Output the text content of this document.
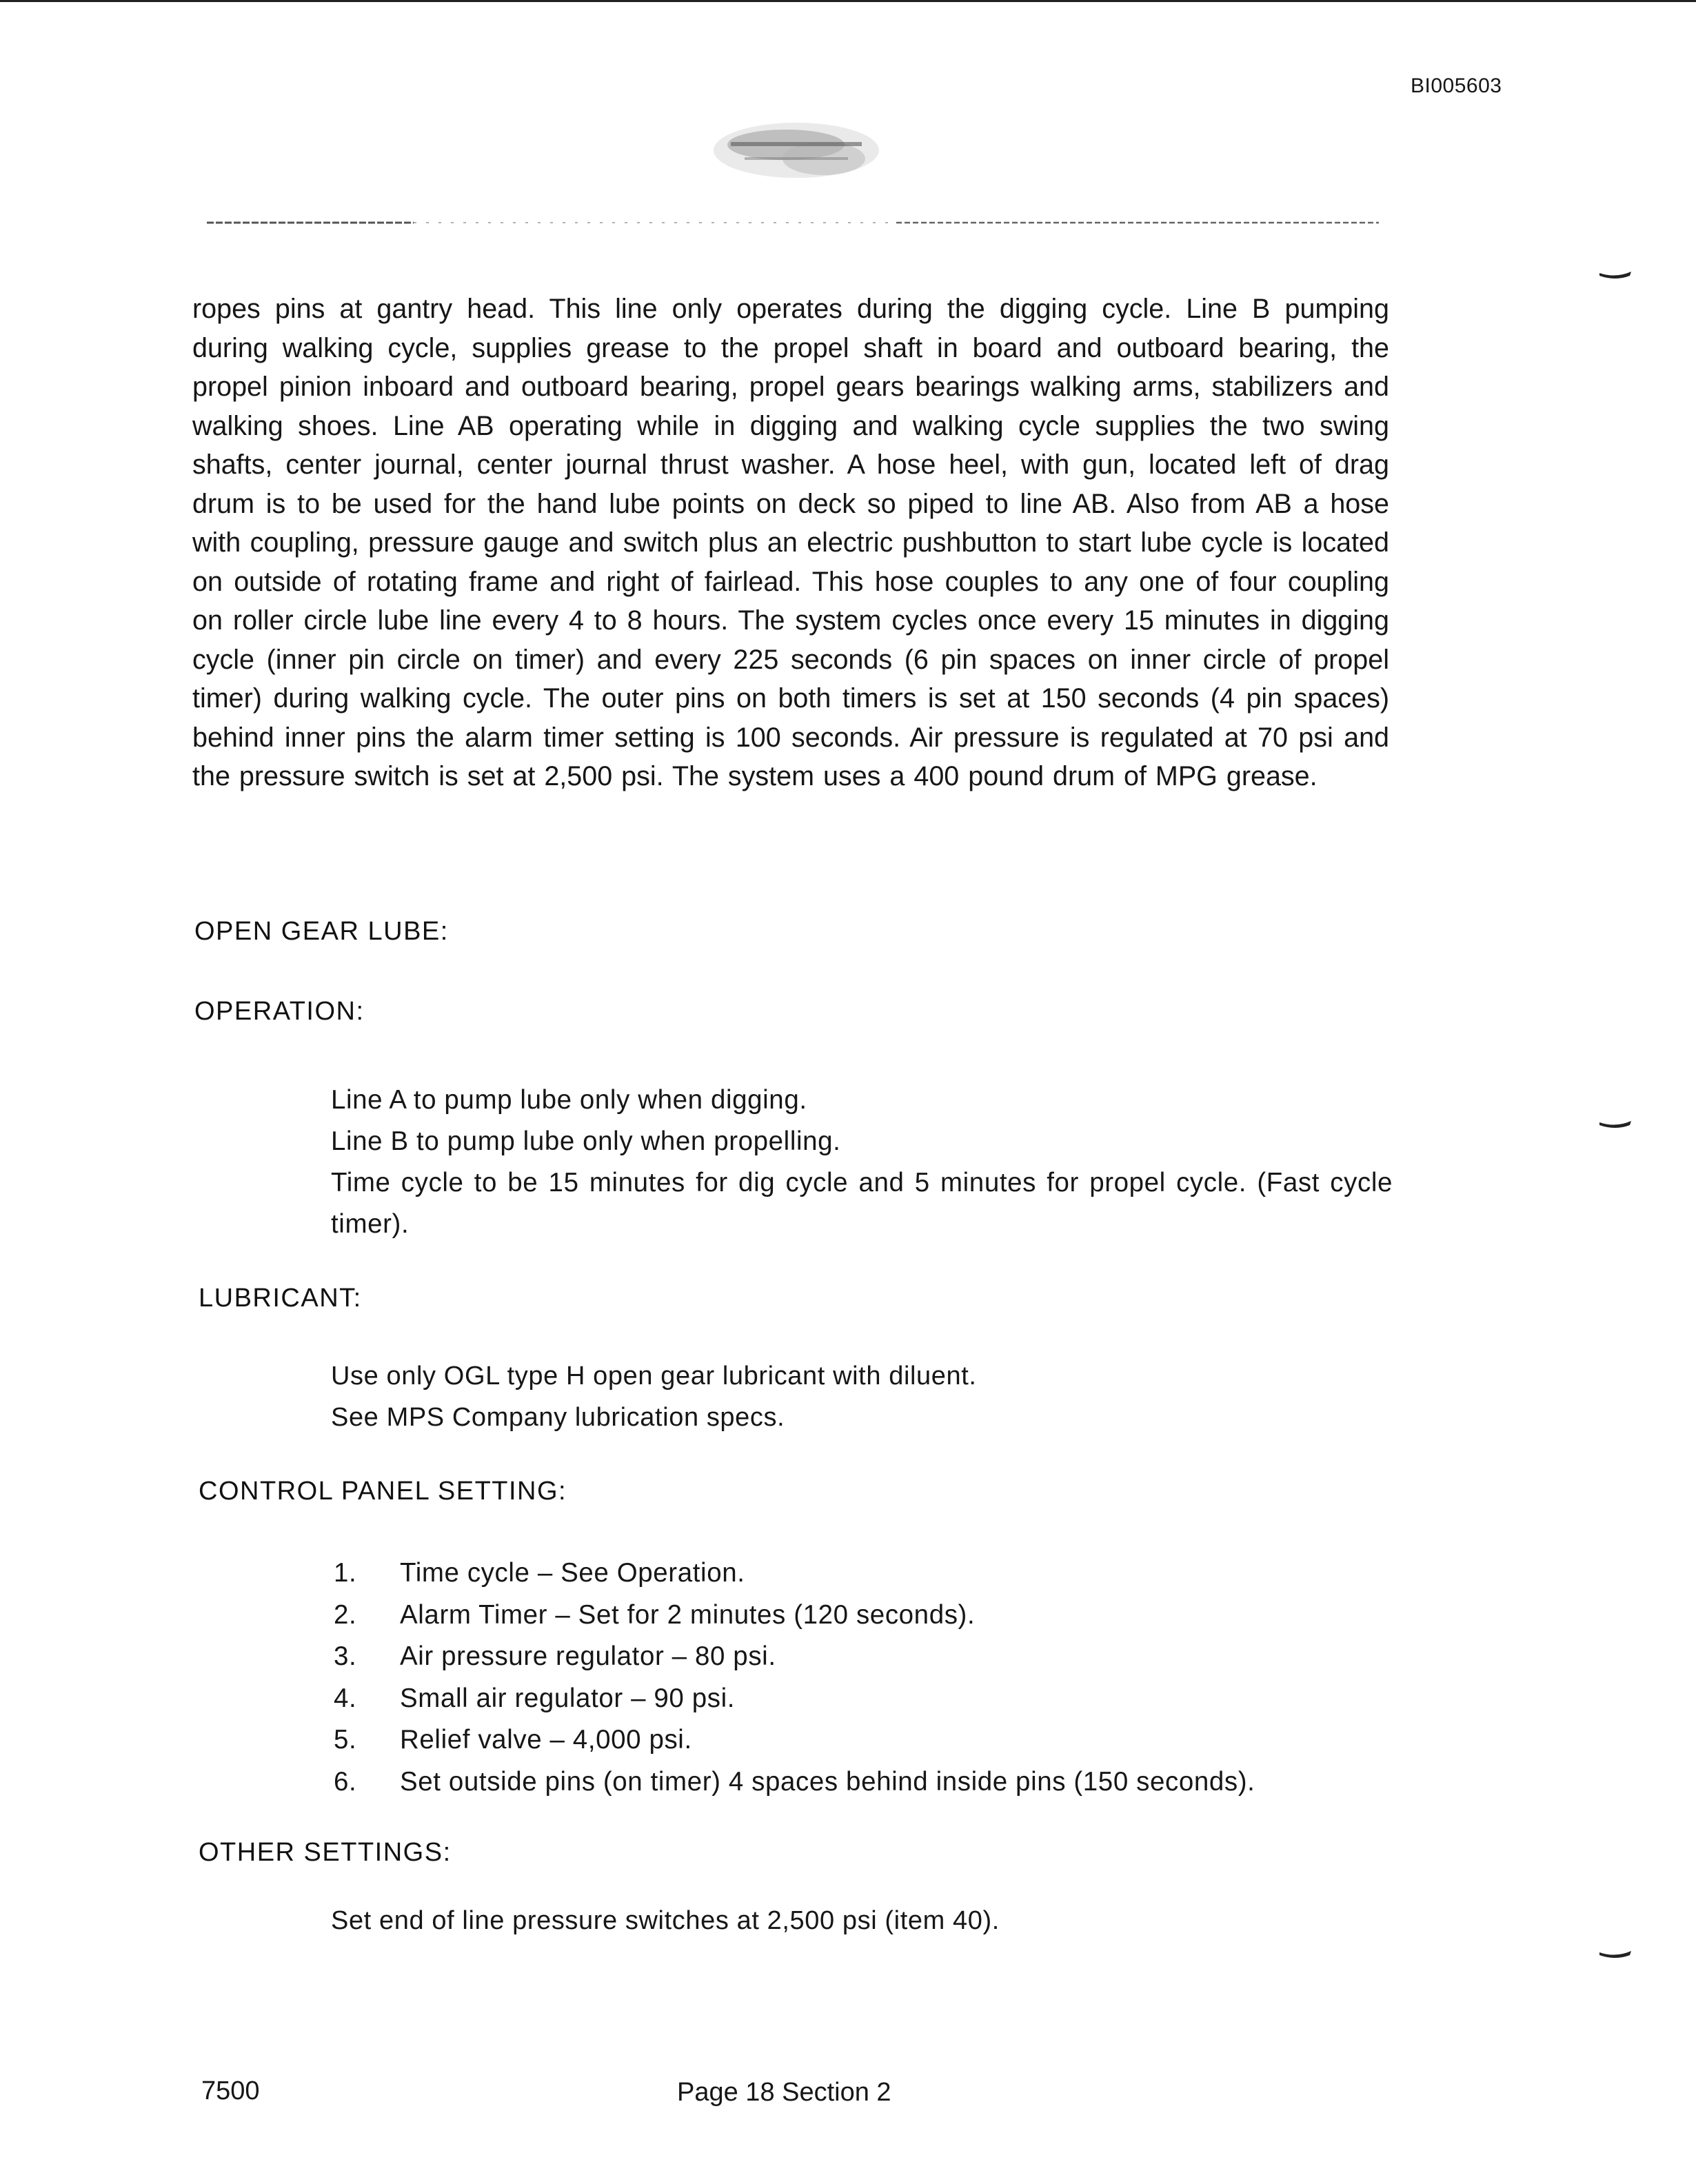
BI005603

ropes pins at gantry head. This line only operates during the digging cycle. Line B pumping during walking cycle, supplies grease to the propel shaft in board and outboard bearing, the propel pinion inboard and outboard bearing, propel gears bearings walking arms, stabilizers and walking shoes. Line AB operating while in digging and walking cycle supplies the two swing shafts, center journal, center journal thrust washer. A hose heel, with gun, located left of drag drum is to be used for the hand lube points on deck so piped to line AB. Also from AB a hose with coupling, pressure gauge and switch plus an electric pushbutton to start lube cycle is located on outside of rotating frame and right of fairlead. This hose couples to any one of four coupling on roller circle lube line every 4 to 8 hours. The system cycles once every 15 minutes in digging cycle (inner pin circle on timer) and every 225 seconds (6 pin spaces on inner circle of propel timer) during walking cycle. The outer pins on both timers is set at 150 seconds (4 pin spaces) behind inner pins the alarm timer setting is 100 seconds. Air pressure is regulated at 70 psi and the pressure switch is set at 2,500 psi. The system uses a 400 pound drum of MPG grease.

OPEN GEAR LUBE:
OPERATION:

Line A to pump lube only when digging.

Line B to pump lube only when propelling.

Time cycle to be 15 minutes for dig cycle and 5 minutes for propel cycle. (Fast cycle timer).

LUBRICANT:

Use only OGL type H open gear lubricant with diluent.

See MPS Company lubrication specs.

CONTROL PANEL SETTING:
1. Time cycle – See Operation.
2. Alarm Timer – Set for 2 minutes (120 seconds).
3. Air pressure regulator – 80 psi.
4. Small air regulator – 90 psi.
5. Relief valve – 4,000 psi.
6. Set outside pins (on timer) 4 spaces behind inside pins (150 seconds).
OTHER SETTINGS:

Set end of line pressure switches at 2,500 psi (item 40).

7500	Page 18 Section 2
